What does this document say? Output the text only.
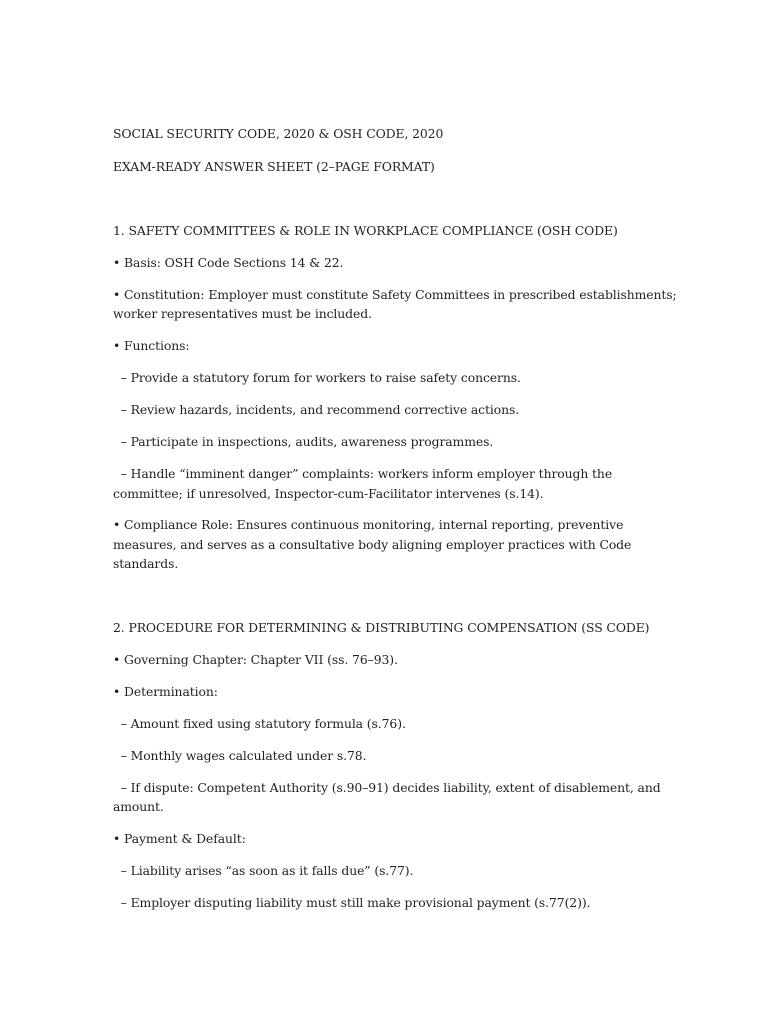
SOCIAL SECURITY CODE, 2020 & OSH CODE, 2020
EXAM-READY ANSWER SHEET (2–PAGE FORMAT)
1. SAFETY COMMITTEES & ROLE IN WORKPLACE COMPLIANCE (OSH CODE)
• Basis: OSH Code Sections 14 & 22.
• Constitution: Employer must constitute Safety Committees in prescribed establishments;
worker representatives must be included.
• Functions:
– Provide a statutory forum for workers to raise safety concerns.
– Review hazards, incidents, and recommend corrective actions.
– Participate in inspections, audits, awareness programmes.
– Handle “imminent danger” complaints: workers inform employer through the
committee; if unresolved, Inspector-cum-Facilitator intervenes (s.14).
• Compliance Role: Ensures continuous monitoring, internal reporting, preventive
measures, and serves as a consultative body aligning employer practices with Code
standards.
2. PROCEDURE FOR DETERMINING & DISTRIBUTING COMPENSATION (SS CODE)
• Governing Chapter: Chapter VII (ss. 76–93).
• Determination:
– Amount fixed using statutory formula (s.76).
– Monthly wages calculated under s.78.
– If dispute: Competent Authority (s.90–91) decides liability, extent of disablement, and
amount.
• Payment & Default:
– Liability arises “as soon as it falls due” (s.77).
– Employer disputing liability must still make provisional payment (s.77(2)).
